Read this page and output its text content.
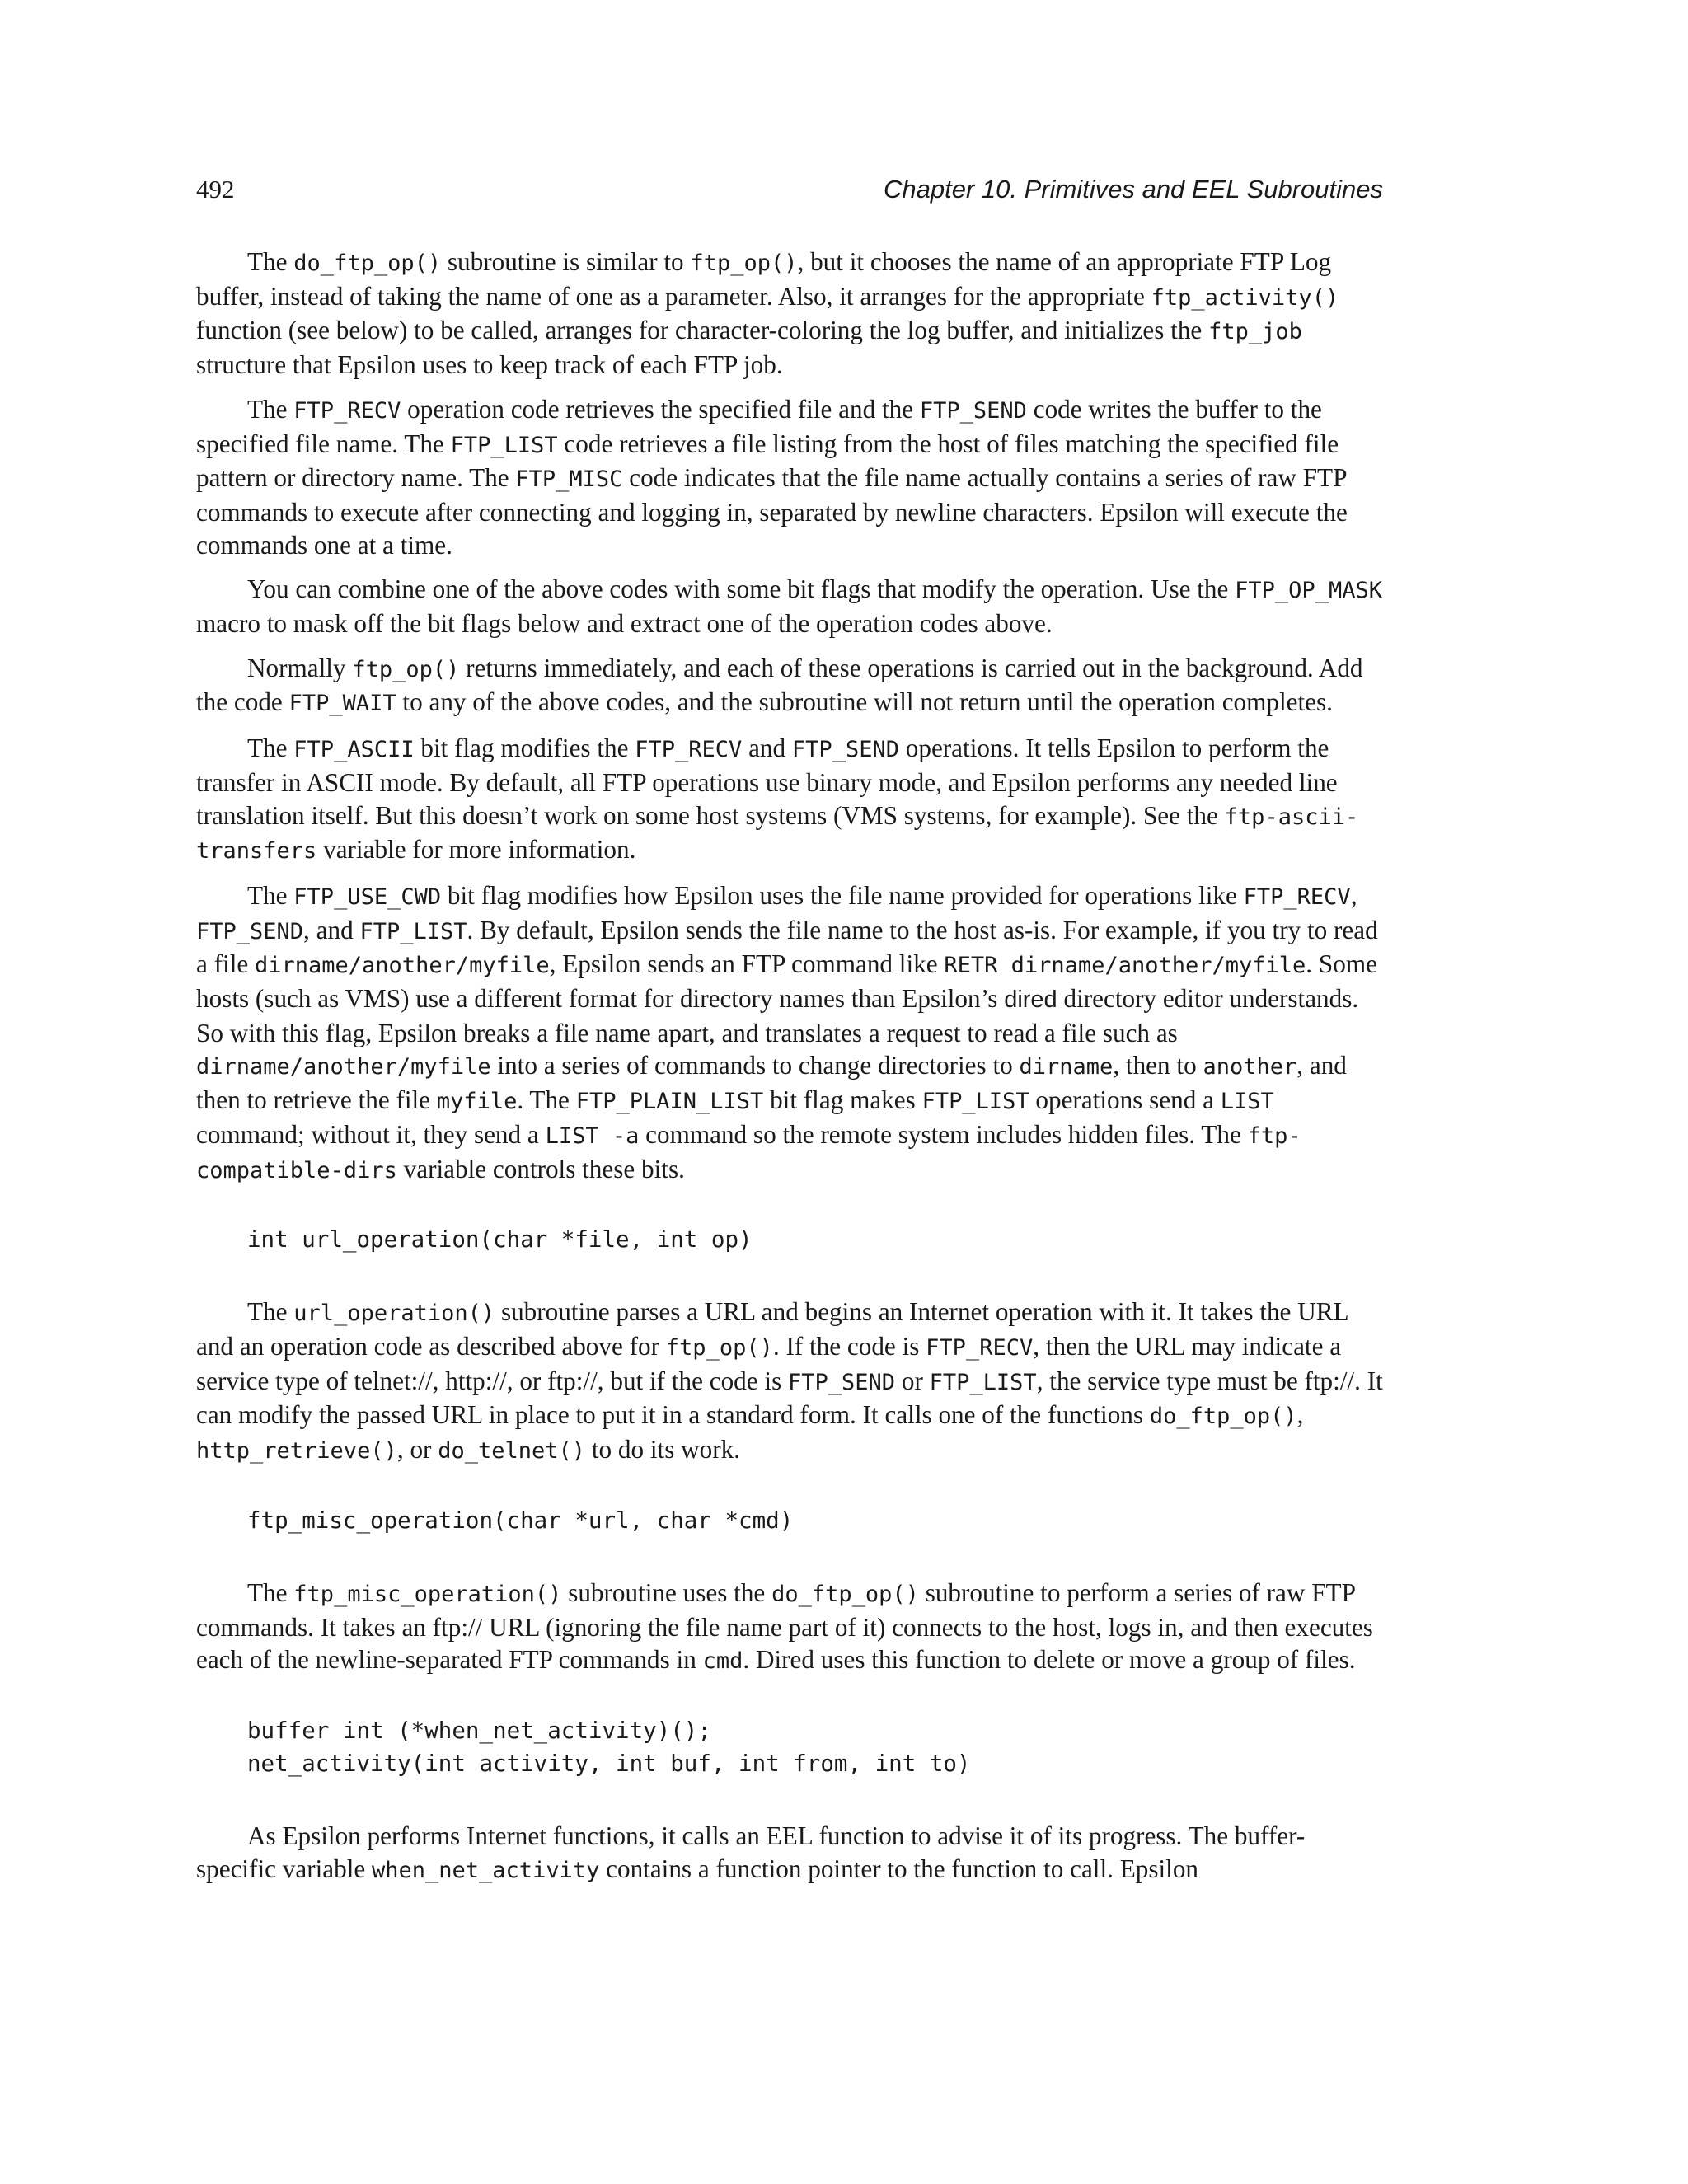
492	Chapter 10. Primitives and EEL Subroutines

The do_ftp_op() subroutine is similar to ftp_op(), but it chooses the name of an appropriate FTP Log buffer, instead of taking the name of one as a parameter. Also, it arranges for the appropriate ftp_activity() function (see below) to be called, arranges for character-coloring the log buffer, and initializes the ftp_job structure that Epsilon uses to keep track of each FTP job.

The FTP_RECV operation code retrieves the specified file and the FTP_SEND code writes the buffer to the specified file name. The FTP_LIST code retrieves a file listing from the host of files matching the specified file pattern or directory name. The FTP_MISC code indicates that the file name actually contains a series of raw FTP commands to execute after connecting and logging in, separated by newline characters. Epsilon will execute the commands one at a time.

You can combine one of the above codes with some bit flags that modify the operation. Use the FTP_OP_MASK macro to mask off the bit flags below and extract one of the operation codes above.

Normally ftp_op() returns immediately, and each of these operations is carried out in the background. Add the code FTP_WAIT to any of the above codes, and the subroutine will not return until the operation completes.

The FTP_ASCII bit flag modifies the FTP_RECV and FTP_SEND operations. It tells Epsilon to perform the transfer in ASCII mode. By default, all FTP operations use binary mode, and Epsilon performs any needed line translation itself. But this doesn’t work on some host systems (VMS systems, for example). See the ftp-ascii-transfers variable for more information.

The FTP_USE_CWD bit flag modifies how Epsilon uses the file name provided for operations like FTP_RECV, FTP_SEND, and FTP_LIST. By default, Epsilon sends the file name to the host as-is. For example, if you try to read a file dirname/another/myfile, Epsilon sends an FTP command like RETR dirname/another/myfile. Some hosts (such as VMS) use a different format for directory names than Epsilon’s dired directory editor understands. So with this flag, Epsilon breaks a file name apart, and translates a request to read a file such as dirname/another/myfile into a series of commands to change directories to dirname, then to another, and then to retrieve the file myfile. The FTP_PLAIN_LIST bit flag makes FTP_LIST operations send a LIST command; without it, they send a LIST -a command so the remote system includes hidden files. The ftp-compatible-dirs variable controls these bits.

int url_operation(char *file, int op)

The url_operation() subroutine parses a URL and begins an Internet operation with it. It takes the URL and an operation code as described above for ftp_op(). If the code is FTP_RECV, then the URL may indicate a service type of telnet://, http://, or ftp://, but if the code is FTP_SEND or FTP_LIST, the service type must be ftp://. It can modify the passed URL in place to put it in a standard form. It calls one of the functions do_ftp_op(), http_retrieve(), or do_telnet() to do its work.

ftp_misc_operation(char *url, char *cmd)

The ftp_misc_operation() subroutine uses the do_ftp_op() subroutine to perform a series of raw FTP commands. It takes an ftp:// URL (ignoring the file name part of it) connects to the host, logs in, and then executes each of the newline-separated FTP commands in cmd. Dired uses this function to delete or move a group of files.

buffer int (*when_net_activity)();
net_activity(int activity, int buf, int from, int to)

As Epsilon performs Internet functions, it calls an EEL function to advise it of its progress. The buffer-specific variable when_net_activity contains a function pointer to the function to call. Epsilon
